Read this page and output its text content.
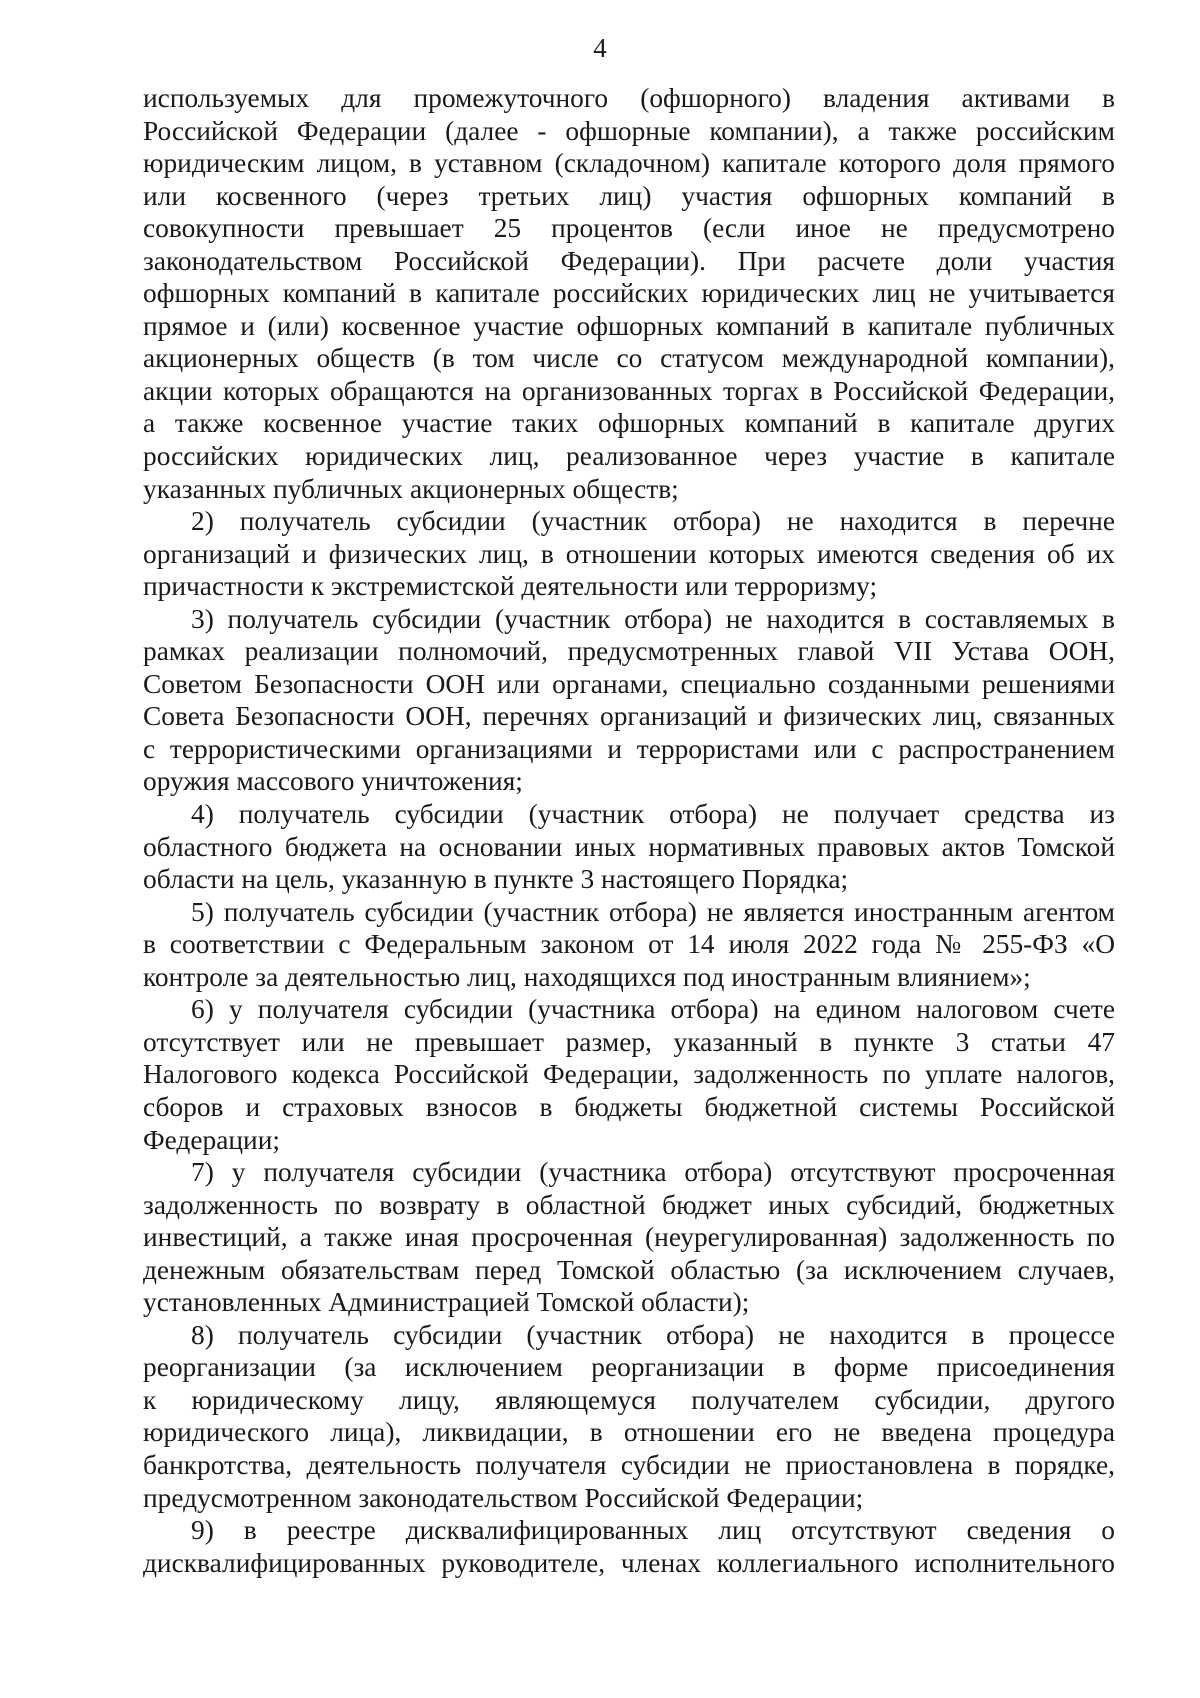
4
используемых для промежуточного (офшорного) владения активами в
Российской Федерации (далее - офшорные компании), а также российским
юридическим лицом, в уставном (складочном) капитале которого доля прямого
или косвенного (через третьих лиц) участия офшорных компаний в
совокупности превышает 25 процентов (если иное не предусмотрено
законодательством Российской Федерации). При расчете доли участия
офшорных компаний в капитале российских юридических лиц не учитывается
прямое и (или) косвенное участие офшорных компаний в капитале публичных
акционерных обществ (в том числе со статусом международной компании),
акции которых обращаются на организованных торгах в Российской Федерации,
а также косвенное участие таких офшорных компаний в капитале других
российских юридических лиц, реализованное через участие в капитале
указанных публичных акционерных обществ;
2) получатель субсидии (участник отбора) не находится в перечне
организаций и физических лиц, в отношении которых имеются сведения об их
причастности к экстремистской деятельности или терроризму;
3) получатель субсидии (участник отбора) не находится в составляемых в
рамках реализации полномочий, предусмотренных главой VII Устава ООН,
Советом Безопасности ООН или органами, специально созданными решениями
Совета Безопасности ООН, перечнях организаций и физических лиц, связанных
с террористическими организациями и террористами или с распространением
оружия массового уничтожения;
4) получатель субсидии (участник отбора) не получает средства из
областного бюджета на основании иных нормативных правовых актов Томской
области на цель, указанную в пункте 3 настоящего Порядка;
5) получатель субсидии (участник отбора) не является иностранным агентом
в соответствии с Федеральным законом от 14 июля 2022 года № 255-ФЗ «О
контроле за деятельностью лиц, находящихся под иностранным влиянием»;
6) у получателя субсидии (участника отбора) на едином налоговом счете
отсутствует или не превышает размер, указанный в пункте 3 статьи 47
Налогового кодекса Российской Федерации, задолженность по уплате налогов,
сборов и страховых взносов в бюджеты бюджетной системы Российской
Федерации;
7) у получателя субсидии (участника отбора) отсутствуют просроченная
задолженность по возврату в областной бюджет иных субсидий, бюджетных
инвестиций, а также иная просроченная (неурегулированная) задолженность по
денежным обязательствам перед Томской областью (за исключением случаев,
установленных Администрацией Томской области);
8) получатель субсидии (участник отбора) не находится в процессе
реорганизации (за исключением реорганизации в форме присоединения
к юридическому лицу, являющемуся получателем субсидии, другого
юридического лица), ликвидации, в отношении его не введена процедура
банкротства, деятельность получателя субсидии не приостановлена в порядке,
предусмотренном законодательством Российской Федерации;
9) в реестре дисквалифицированных лиц отсутствуют сведения о
дисквалифицированных руководителе, членах коллегиального исполнительного
